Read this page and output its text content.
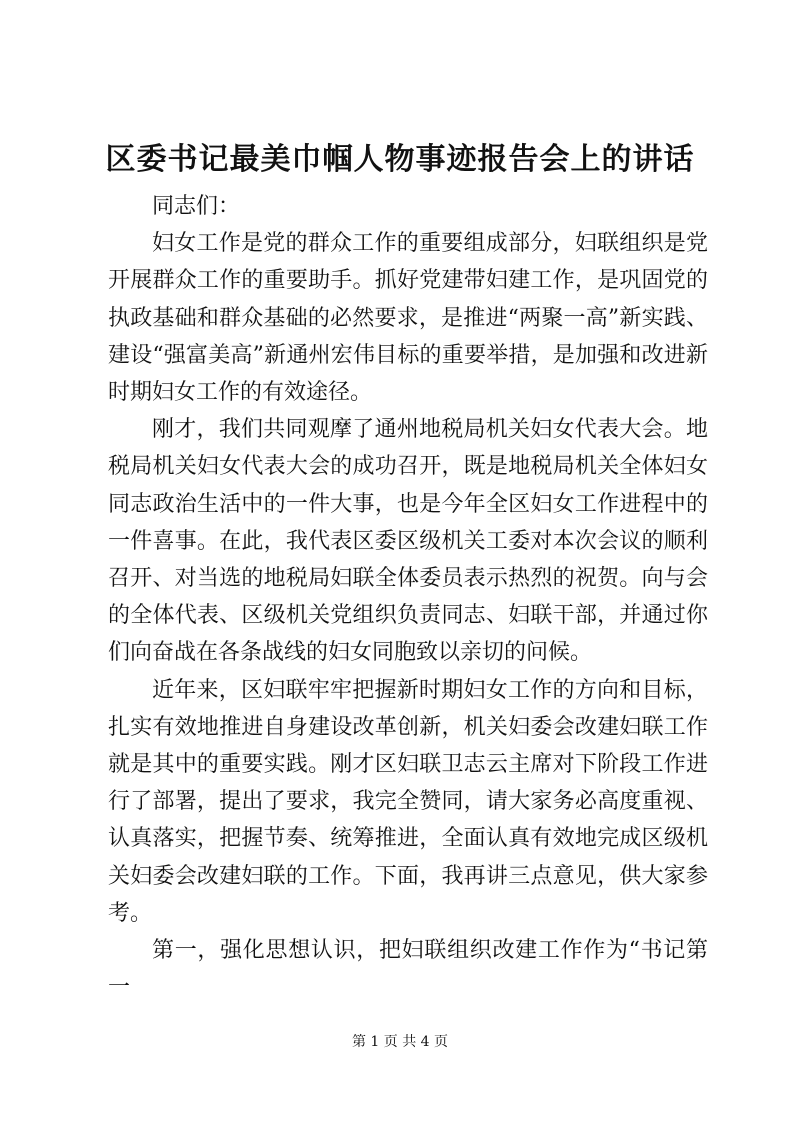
区委书记最美巾帼人物事迹报告会上的讲话

同志们：

妇女工作是党的群众工作的重要组成部分，妇联组织是党开展群众工作的重要助手。抓好党建带妇建工作，是巩固党的执政基础和群众基础的必然要求，是推进“两聚一高”新实践、建设“强富美高”新通州宏伟目标的重要举措，是加强和改进新时期妇女工作的有效途径。

刚才，我们共同观摩了通州地税局机关妇女代表大会。地税局机关妇女代表大会的成功召开，既是地税局机关全体妇女同志政治生活中的一件大事，也是今年全区妇女工作进程中的一件喜事。在此，我代表区委区级机关工委对本次会议的顺利召开、对当选的地税局妇联全体委员表示热烈的祝贺。向与会的全体代表、区级机关党组织负责同志、妇联干部，并通过你们向奋战在各条战线的妇女同胞致以亲切的问候。

近年来，区妇联牢牢把握新时期妇女工作的方向和目标，扎实有效地推进自身建设改革创新，机关妇委会改建妇联工作就是其中的重要实践。刚才区妇联卫志云主席对下阶段工作进行了部署，提出了要求，我完全赞同，请大家务必高度重视、认真落实，把握节奏、统筹推进，全面认真有效地完成区级机关妇委会改建妇联的工作。下面，我再讲三点意见，供大家参考。

第一，强化思想认识，把妇联组织改建工作作为“书记第一

第 1 页 共 4 页
